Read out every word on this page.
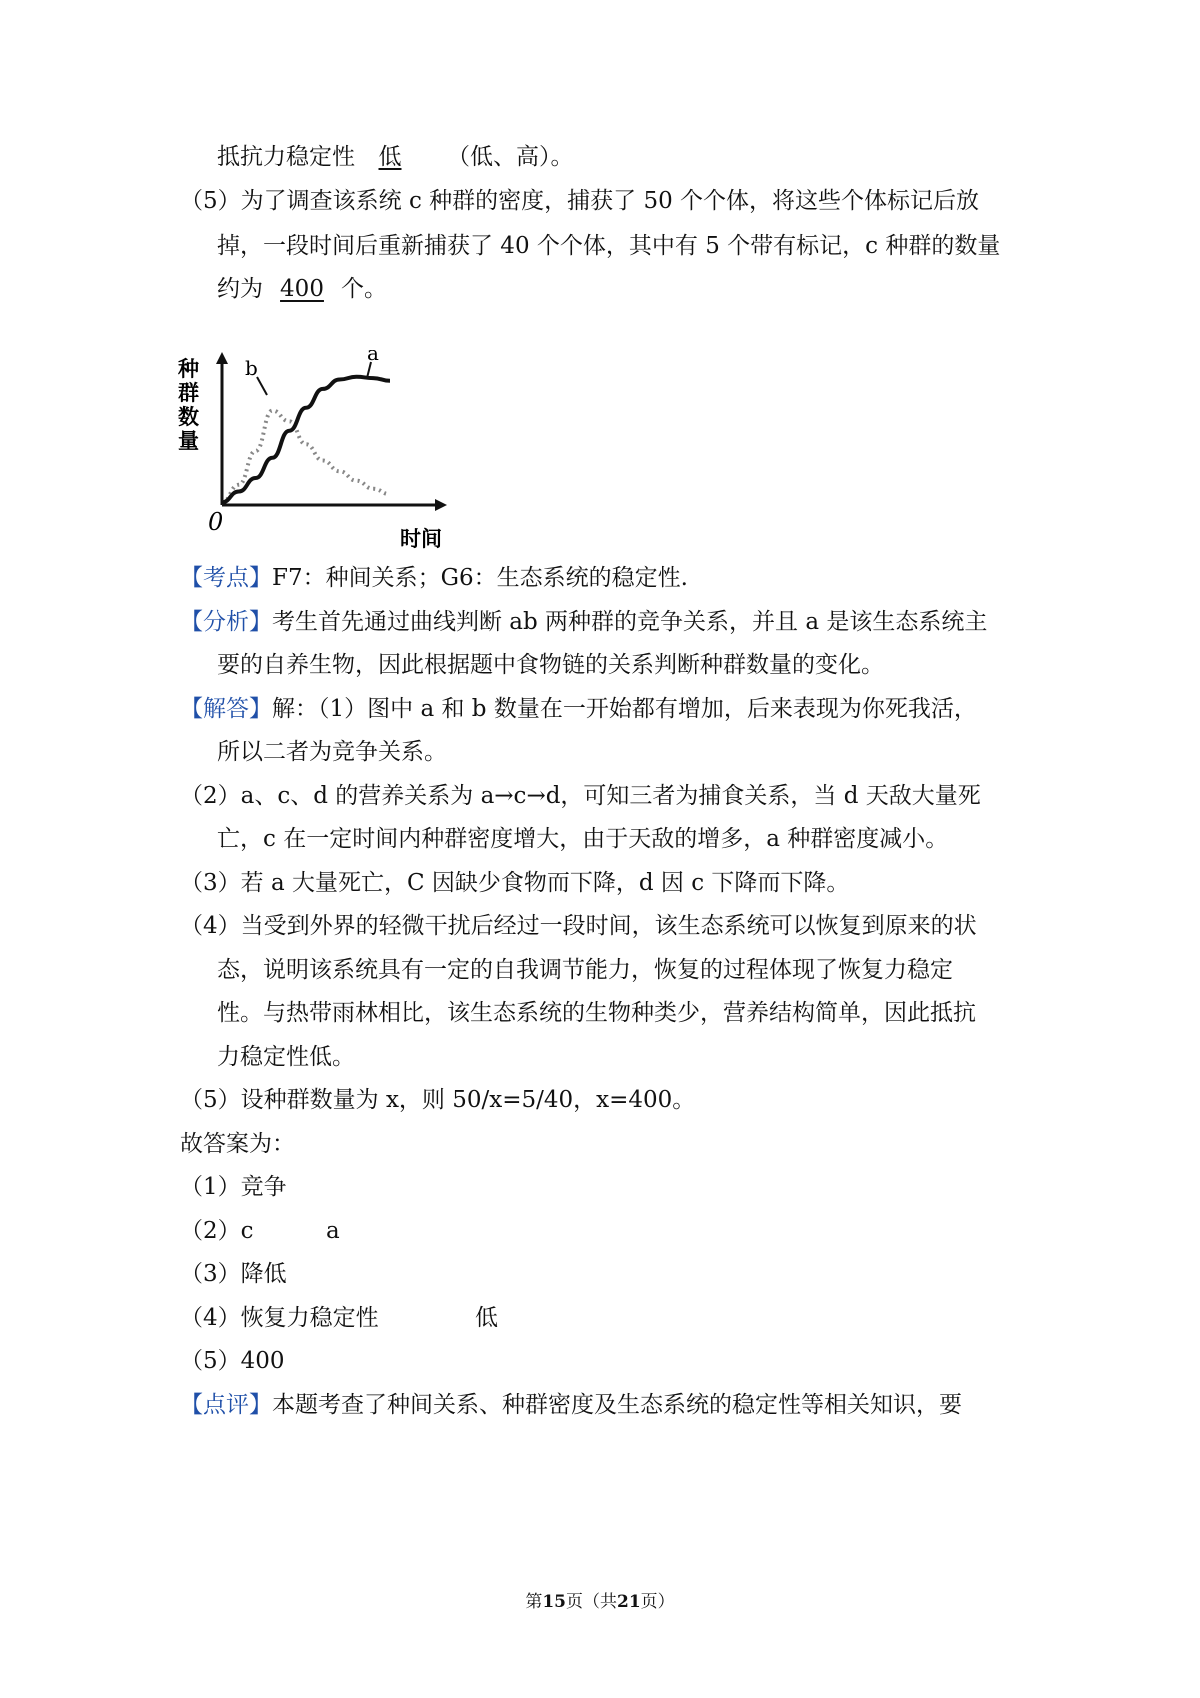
抵抗力稳定性 低 （低、高）。
（5）为了调查该系统 c 种群的密度，捕获了 50 个个体，将这些个体标记后放
掉，一段时间后重新捕获了 40 个个体，其中有 5 个带有标记，c 种群的数量
约为 400 个。
种
群
数
量
0
时间
a
b
【考点】F7：种间关系；G6：生态系统的稳定性.
【分析】考生首先通过曲线判断 ab 两种群的竞争关系，并且 a 是该生态系统主
要的自养生物，因此根据题中食物链的关系判断种群数量的变化。
【解答】解：（1）图中 a 和 b 数量在一开始都有增加，后来表现为你死我活，
所以二者为竞争关系。
（2）a、c、d 的营养关系为 a→c→d，可知三者为捕食关系，当 d 天敌大量死
亡，c 在一定时间内种群密度增大，由于天敌的增多，a 种群密度减小。
（3）若 a 大量死亡，C 因缺少食物而下降，d 因 c 下降而下降。
（4）当受到外界的轻微干扰后经过一段时间，该生态系统可以恢复到原来的状
态，说明该系统具有一定的自我调节能力，恢复的过程体现了恢复力稳定
性。与热带雨林相比，该生态系统的生物种类少，营养结构简单，因此抵抗
力稳定性低。
（5）设种群数量为 x，则 50/x=5/40，x=400。
故答案为：
（1）竞争
（2）c	a
（3）降低
（4）恢复力稳定性	低
（5）400
【点评】本题考查了种间关系、种群密度及生态系统的稳定性等相关知识，要
第15页（共21页）
